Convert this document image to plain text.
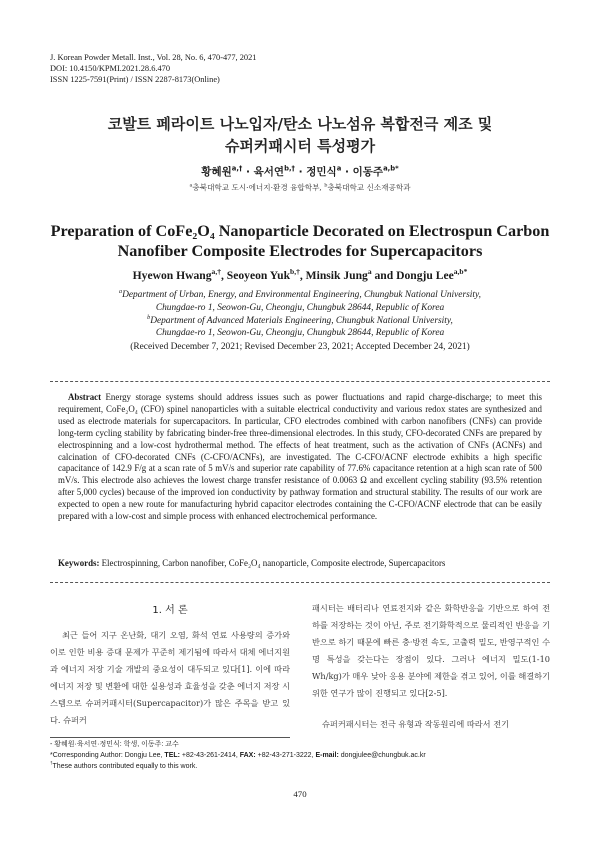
J. Korean Powder Metall. Inst., Vol. 28, No. 6, 470-477, 2021
DOI: 10.4150/KPMI.2021.28.6.470
ISSN 1225-7591(Print) / ISSN 2287-8173(Online)
코발트 페라이트 나노입자/탄소 나노섬유 복합전극 제조 및
슈퍼커패시터 특성평가
황혜원$^{a,\dagger}$ · 육서연$^{b,\dagger}$ · 정민식$^a$ · 이동주$^{a,b*}$
$^a$충북대학교 도시·에너지·환경 융합학부, $^b$충북대학교 신소재공학과
Preparation of CoFe₂O₄ Nanoparticle Decorated on Electrospun Carbon
Nanofiber Composite Electrodes for Supercapacitors
Hyewon Hwang$^{a,\dagger}$, Seoyeon Yuk$^{b,\dagger}$, Minsik Jung$^a$ and Dongju Lee$^{a,b*}$
$^a$Department of Urban, Energy, and Environmental Engineering, Chungbuk National University,
Chungdae-ro 1, Seowon-Gu, Cheongju, Chungbuk 28644, Republic of Korea
$^b$Department of Advanced Materials Engineering, Chungbuk National University,
Chungdae-ro 1, Seowon-Gu, Cheongju, Chungbuk 28644, Republic of Korea
(Received December 7, 2021; Revised December 23, 2021; Accepted December 24, 2021)
Abstract Energy storage systems should address issues such as power fluctuations and rapid charge-discharge; to meet this requirement, CoFe₂O₄ (CFO) spinel nanoparticles with a suitable electrical conductivity and various redox states are synthesized and used as electrode materials for supercapacitors. In particular, CFO electrodes combined with carbon nanofibers (CNFs) can provide long-term cycling stability by fabricating binder-free three-dimensional electrodes. In this study, CFO-decorated CNFs are prepared by electrospinning and a low-cost hydrothermal method. The effects of heat treatment, such as the activation of CNFs (ACNFs) and calcination of CFO-decorated CNFs (C-CFO/ACNFs), are investigated. The C-CFO/ACNF electrode exhibits a high specific capacitance of 142.9 F/g at a scan rate of 5 mV/s and superior rate capability of 77.6% capacitance retention at a high scan rate of 500 mV/s. This electrode also achieves the lowest charge transfer resistance of 0.0063 Ω and excellent cycling stability (93.5% retention after 5,000 cycles) because of the improved ion conductivity by pathway formation and structural stability. The results of our work are expected to open a new route for manufacturing hybrid capacitor electrodes containing the C-CFO/ACNF electrode that can be easily prepared with a low-cost and simple process with enhanced electrochemical performance.
Keywords: Electrospinning, Carbon nanofiber, CoFe₂O₄ nanoparticle, Composite electrode, Supercapacitors
1. 서 론
최근 들어 지구 온난화, 대기 오염, 화석 연료 사용량의 증가와 이로 인한 비용 증대 문제가 꾸준히 제기됨에 따라서 대체 에너지원과 에너지 저장 기술 개발의 중요성이 대두되고 있다[1]. 이에 따라 에너지 저장 및 변환에 대한 실용성과 효율성을 갖춘 에너지 저장 시스템으로 슈퍼커패시터(Supercapacitor)가 많은 주목을 받고 있다. 슈퍼커
패시터는 배터리나 연료전지와 같은 화학반응을 기반으로 하여 전하를 저장하는 것이 아닌, 주로 전기화학적으로 물리적인 반응을 기반으로 하기 때문에 빠른 충·방전 속도, 고출력 밀도, 반영구적인 수명 특성을 갖는다는 장점이 있다. 그러나 에너지 밀도(1-10 Wh/kg)가 매우 낮아 응용 분야에 제한을 겪고 있어, 이를 해결하기 위한 연구가 많이 진행되고 있다[2-5].
슈퍼커패시터는 전극 유형과 작동원리에 따라서 전기
- 황혜원·육서연·정민식: 학생, 이동주: 교수
*Corresponding Author: Dongju Lee, TEL: +82-43-261-2414, FAX: +82-43-271-3222, E-mail: dongjulee@chungbuk.ac.kr
†These authors contributed equally to this work.
470
